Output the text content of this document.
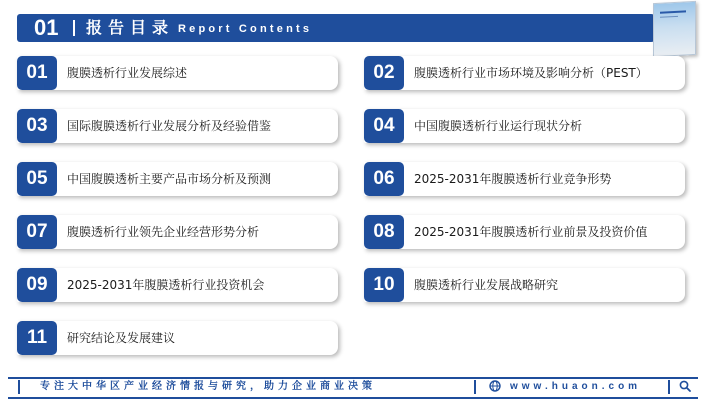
01 报告目录 Report Contents
01	腹膜透析行业发展综述
03	国际腹膜透析行业发展分析及经验借鉴
05	中国腹膜透析主要产品市场分析及预测
07	腹膜透析行业领先企业经营形势分析
09	2025-2031年腹膜透析行业投资机会
11	研究结论及发展建议
02	腹膜透析行业市场环境及影响分析（PEST）
04	中国腹膜透析行业运行现状分析
06	2025-2031年腹膜透析行业竞争形势
08	2025-2031年腹膜透析行业前景及投资价值
10	腹膜透析行业发展战略研究
专注大中华区产业经济情报与研究，助力企业商业决策	www.huaon.com
